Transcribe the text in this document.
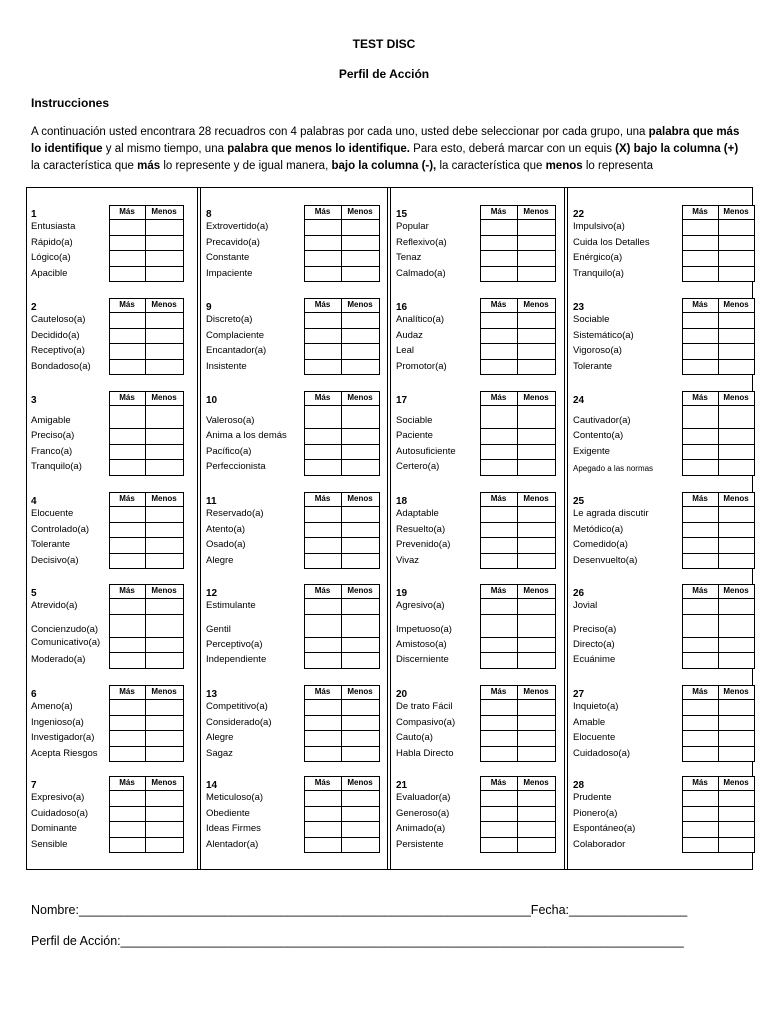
TEST DISC
Perfil de Acción
Instrucciones
A continuación usted encontrara 28 recuadros con 4 palabras por cada uno, usted debe seleccionar por cada grupo, una palabra que más lo identifique y al mismo tiempo, una palabra que menos lo identifique. Para esto, deberá marcar con un equis (X) bajo la columna (+) la característica que más lo represente y de igual manera, bajo la columna (-), la característica que menos lo representa
1	Más	Menos
Entusiasta
Rápido(a)
Lógico(a)
Apacible
2	Más	Menos
Cauteloso(a)
Decidido(a)
Receptivo(a)
Bondadoso(a)
3	Más	Menos
Amigable
Preciso(a)
Franco(a)
Tranquilo(a)
4	Más	Menos
Elocuente
Controlado(a)
Tolerante
Decisivo(a)
5	Más	Menos
Atrevido(a)
Concienzudo(a)
Comunicativo(a)
Moderado(a)
6	Más	Menos
Ameno(a)
Ingenioso(a)
Investigador(a)
Acepta Riesgos
7	Más	Menos
Expresivo(a)
Cuidadoso(a)
Dominante
Sensible
8	Más	Menos
Extrovertido(a)
Precavido(a)
Constante
Impaciente
9	Más	Menos
Discreto(a)
Complaciente
Encantador(a)
Insistente
10	Más	Menos
Valeroso(a)
Anima a los demás
Pacífico(a)
Perfeccionista
11	Más	Menos
Reservado(a)
Atento(a)
Osado(a)
Alegre
12	Más	Menos
Estimulante
Gentil
Perceptivo(a)
Independiente
13	Más	Menos
Competitivo(a)
Considerado(a)
Alegre
Sagaz
14	Más	Menos
Meticuloso(a)
Obediente
Ideas Firmes
Alentador(a)
15	Más	Menos
Popular
Reflexivo(a)
Tenaz
Calmado(a)
16	Más	Menos
Analítico(a)
Audaz
Leal
Promotor(a)
17	Más	Menos
Sociable
Paciente
Autosuficiente
Certero(a)
18	Más	Menos
Adaptable
Resuelto(a)
Prevenido(a)
Vivaz
19	Más	Menos
Agresivo(a)
Impetuoso(a)
Amistoso(a)
Discerniente
20	Más	Menos
De trato Fácil
Compasivo(a)
Cauto(a)
Habla Directo
21	Más	Menos
Evaluador(a)
Generoso(a)
Animado(a)
Persistente
22	Más	Menos
Impulsivo(a)
Cuida los Detalles
Enérgico(a)
Tranquilo(a)
23	Más	Menos
Sociable
Sistemático(a)
Vigoroso(a)
Tolerante
24	Más	Menos
Cautivador(a)
Contento(a)
Exigente
Apegado a las normas
25	Más	Menos
Le agrada discutir
Metódico(a)
Comedido(a)
Desenvuelto(a)
26	Más	Menos
Jovial
Preciso(a)
Directo(a)
Ecuánime
27	Más	Menos
Inquieto(a)
Amable
Elocuente
Cuidadoso(a)
28	Más	Menos
Prudente
Pionero(a)
Espontáneo(a)
Colaborador
Nombre:_________________________________________________________________Fecha:_________________
Perfil de Acción:_________________________________________________________________________________
